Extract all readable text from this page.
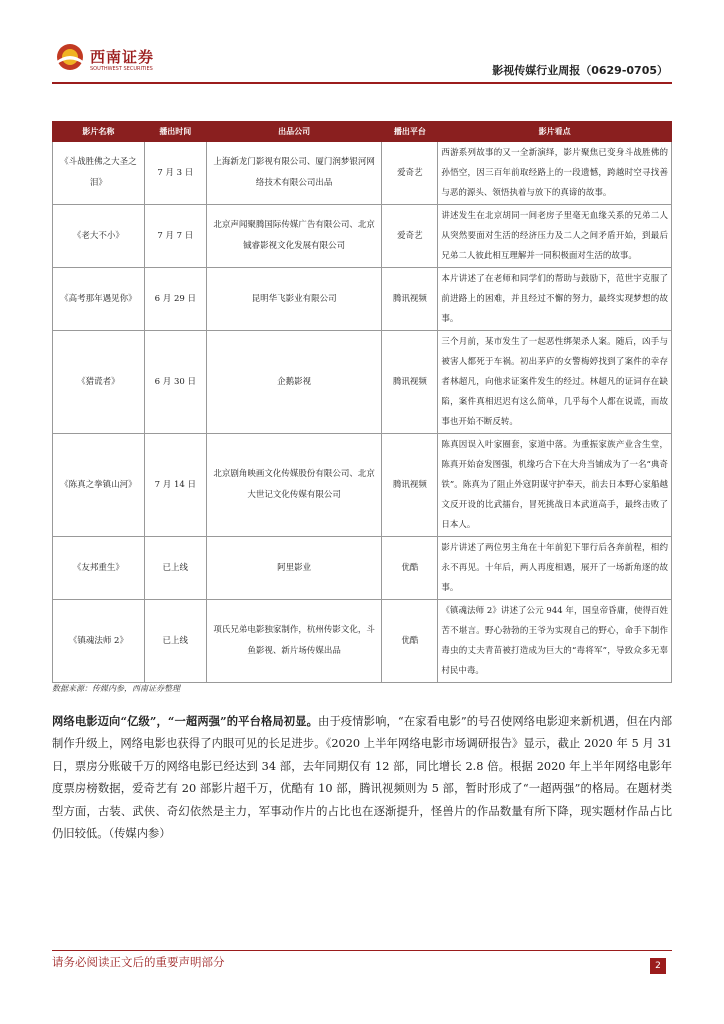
西南证券
SOUTHWEST SECURITIES	影视传媒行业周报（0629-0705）
影片名称	播出时间	出品公司	播出平台	影片看点
《斗战胜佛之大圣之泪》	7 月 3 日	上海新龙门影视有限公司、厦门润梦银河网络技术有限公司出品	爱奇艺	西游系列故事的又一全新演绎，影片聚焦已变身斗战胜佛的孙悟空，因三百年前取经路上的一段遗憾，跨越时空寻找善与恶的源头、领悟执着与放下的真谛的故事。
《老大不小》	7 月 7 日	北京声闻聚腾国际传媒广告有限公司、北京铖睿影视文化发展有限公司	爱奇艺	讲述发生在北京胡同一间老房子里毫无血缘关系的兄弟二人从突然要面对生活的经济压力及二人之间矛盾开始，到最后兄弟二人彼此相互理解并一同积极面对生活的故事。
《高考那年遇见你》	6 月 29 日	昆明华飞影业有限公司	腾讯视频	本片讲述了在老师和同学们的帮助与鼓励下，范世宇克服了前进路上的困难，并且经过不懈的努力，最终实现梦想的故事。
《猎谎者》	6 月 30 日	企鹅影视	腾讯视频	三个月前，某市发生了一起恶性绑架杀人案。随后，凶手与被害人都死于车祸。初出茅庐的女警梅婷找到了案件的幸存者林超凡，向他求证案件发生的经过。林超凡的证词存在缺陷，案件真相迟迟有这么简单，几乎每个人都在说谎，而故事也开始不断反转。
《陈真之拳镇山河》	7 月 14 日	北京剧角映画文化传媒股份有限公司、北京大世记文化传媒有限公司	腾讯视频	陈真因误入叶家圈套，家道中落。为重振家族产业含生堂，陈真开始奋发图强，机缘巧合下在大舟当铺成为了一名“典奇铁”。陈真为了阻止外寇阴谋守护奉天，前去日本野心家船越文反开设的比武擂台，冒死挑战日本武道高手，最终击败了日本人。
《友邦重生》	已上线	阿里影业	优酷	影片讲述了两位男主角在十年前犯下罪行后各奔前程，相约永不再见。十年后，两人再度相遇，展开了一场新角逐的故事。
《镇魂法师 2》	已上线	项氏兄弟电影独家制作，杭州传影文化，斗鱼影视、新片场传媒出品	优酷	《镇魂法师 2》讲述了公元 944 年，国皇帝昏庸，使得百姓苦不堪言。野心勃勃的王爷为实现自己的野心，命手下制作毒虫的丈夫青苗被打造成为巨大的“毒将军”，导致众多无辜村民中毒。
数据来源：传媒内参，西南证券整理
网络电影迈向“亿级”，“一超两强”的平台格局初显。由于疫情影响，“在家看电影”的号召使网络电影迎来新机遇，但在内部制作升级上，网络电影也获得了内眼可见的长足进步。《2020 上半年网络电影市场调研报告》显示，截止 2020 年 5 月 31 日，票房分账破千万的网络电影已经达到 34 部，去年同期仅有 12 部，同比增长 2.8 倍。根据 2020 年上半年网络电影年度票房榜数据，爱奇艺有 20 部影片超千万，优酷有 10 部，腾讯视频则为 5 部，暂时形成了“一超两强”的格局。在题材类型方面，古装、武侠、奇幻依然是主力，军事动作片的占比也在逐渐提升，怪兽片的作品数量有所下降，现实题材作品占比仍旧较低。（传媒内参）
请务必阅读正文后的重要声明部分	2
